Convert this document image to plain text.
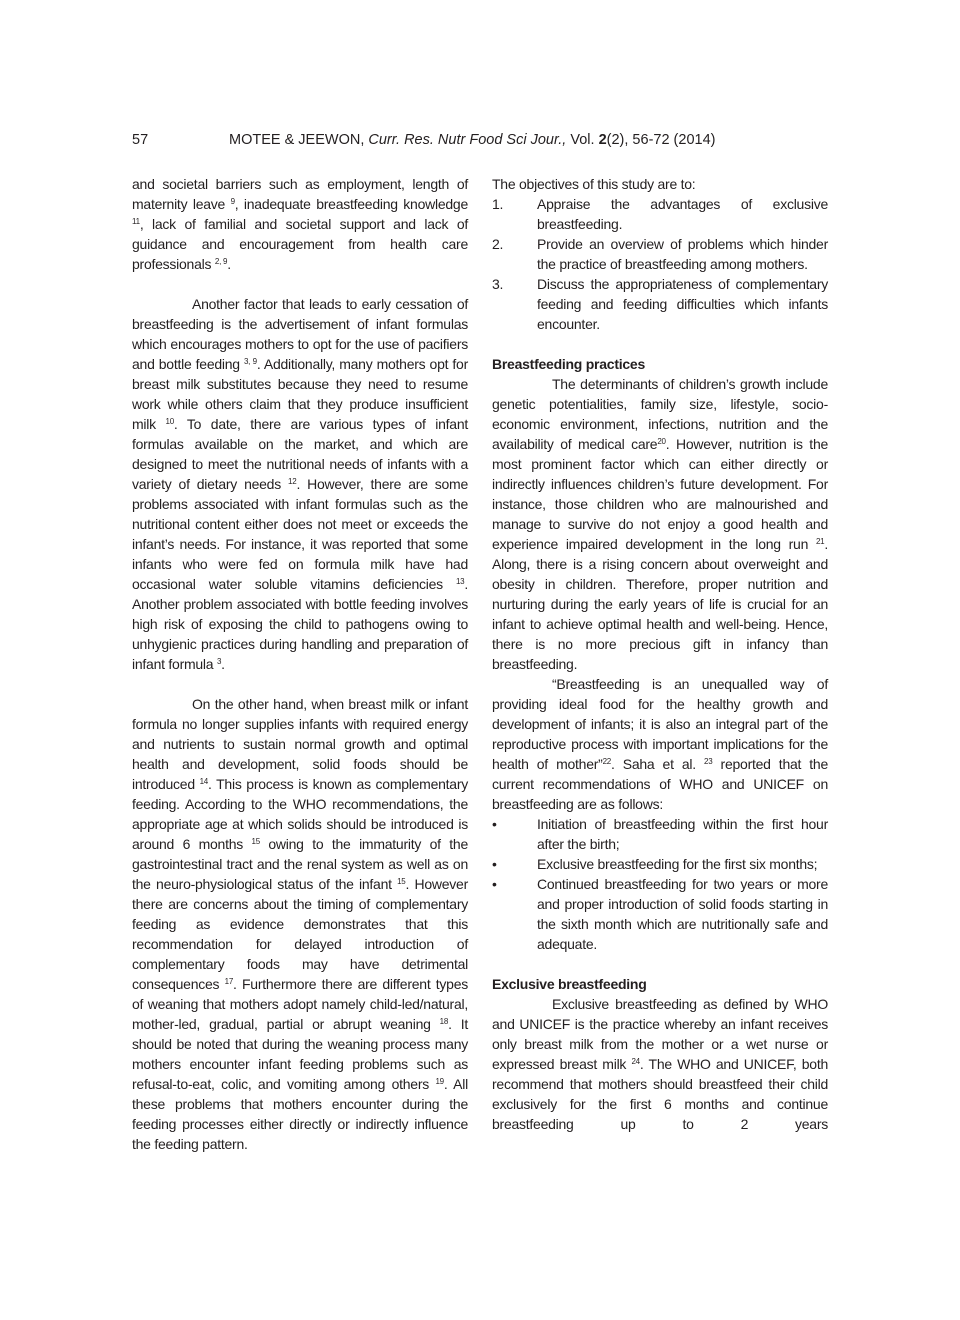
57	MOTEE & JEEWON, Curr. Res. Nutr Food Sci Jour., Vol. 2(2), 56-72 (2014)

and societal barriers such as employment, length of maternity leave $^9$, inadequate breastfeeding knowledge $^{11}$, lack of familial and societal support and lack of guidance and encouragement from health care professionals $^{2, 9}$.

Another factor that leads to early cessation of breastfeeding is the advertisement of infant formulas which encourages mothers to opt for the use of pacifiers and bottle feeding $^{3, 9}$. Additionally, many mothers opt for breast milk substitutes because they need to resume work while others claim that they produce insufficient milk $^{10}$. To date, there are various types of infant formulas available on the market, and which are designed to meet the nutritional needs of infants with a variety of dietary needs $^{12}$. However, there are some problems associated with infant formulas such as the nutritional content either does not meet or exceeds the infant’s needs. For instance, it was reported that some infants who were fed on formula milk have had occasional water soluble vitamins deficiencies $^{13}$. Another problem associated with bottle feeding involves high risk of exposing the child to pathogens owing to unhygienic practices during handling and preparation of infant formula $^3$.

On the other hand, when breast milk or infant formula no longer supplies infants with required energy and nutrients to sustain normal growth and optimal health and development, solid foods should be introduced $^{14}$. This process is known as complementary feeding. According to the WHO recommendations, the appropriate age at which solids should be introduced is around 6 months $^{15}$ owing to the immaturity of the gastrointestinal tract and the renal system as well as on the neuro-physiological status of the infant $^{15}$. However there are concerns about the timing of complementary feeding as evidence demonstrates that this recommendation for delayed introduction of complementary foods may have detrimental consequences $^{17}$. Furthermore there are different types of weaning that mothers adopt namely child-led/natural, mother-led, gradual, partial or abrupt weaning $^{18}$. It should be noted that during the weaning process many mothers encounter infant feeding problems such as refusal-to-eat, colic, and vomiting among others $^{19}$. All these problems that mothers encounter during the feeding processes either directly or indirectly influence the feeding pattern.

The objectives of this study are to:

1.	Appraise the advantages of exclusive breastfeeding.
2.	Provide an overview of problems which hinder the practice of breastfeeding among mothers.
3.	Discuss the appropriateness of complementary feeding and feeding difficulties which infants encounter.
Breastfeeding practices

The determinants of children’s growth include genetic potentialities, family size, lifestyle, socio-economic environment, infections, nutrition and the availability of medical care$^{20}$. However, nutrition is the most prominent factor which can either directly or indirectly influences children’s future development. For instance, those children who are malnourished and manage to survive do not enjoy a good health and experience impaired development in the long run $^{21}$. Along, there is a rising concern about overweight and obesity in children. Therefore, proper nutrition and nurturing during the early years of life is crucial for an infant to achieve optimal health and well-being. Hence, there is no more precious gift in infancy than breastfeeding.

“Breastfeeding is an unequalled way of providing ideal food for the healthy growth and development of infants; it is also an integral part of the reproductive process with important implications for the health of mother”$^{22}$. Saha et al. $^{23}$ reported that the current recommendations of WHO and UNICEF on breastfeeding are as follows:

•	Initiation of breastfeeding within the first hour after the birth;
•	Exclusive breastfeeding for the first six months;
•	Continued breastfeeding for two years or more and proper introduction of solid foods starting in the sixth month which are nutritionally safe and adequate.
Exclusive breastfeeding

Exclusive breastfeeding as defined by WHO and UNICEF is the practice whereby an infant receives only breast milk from the mother or a wet nurse or expressed breast milk $^{24}$. The WHO and UNICEF, both recommend that mothers should breastfeed their child exclusively for the first 6 months and continue breastfeeding up to 2 years
